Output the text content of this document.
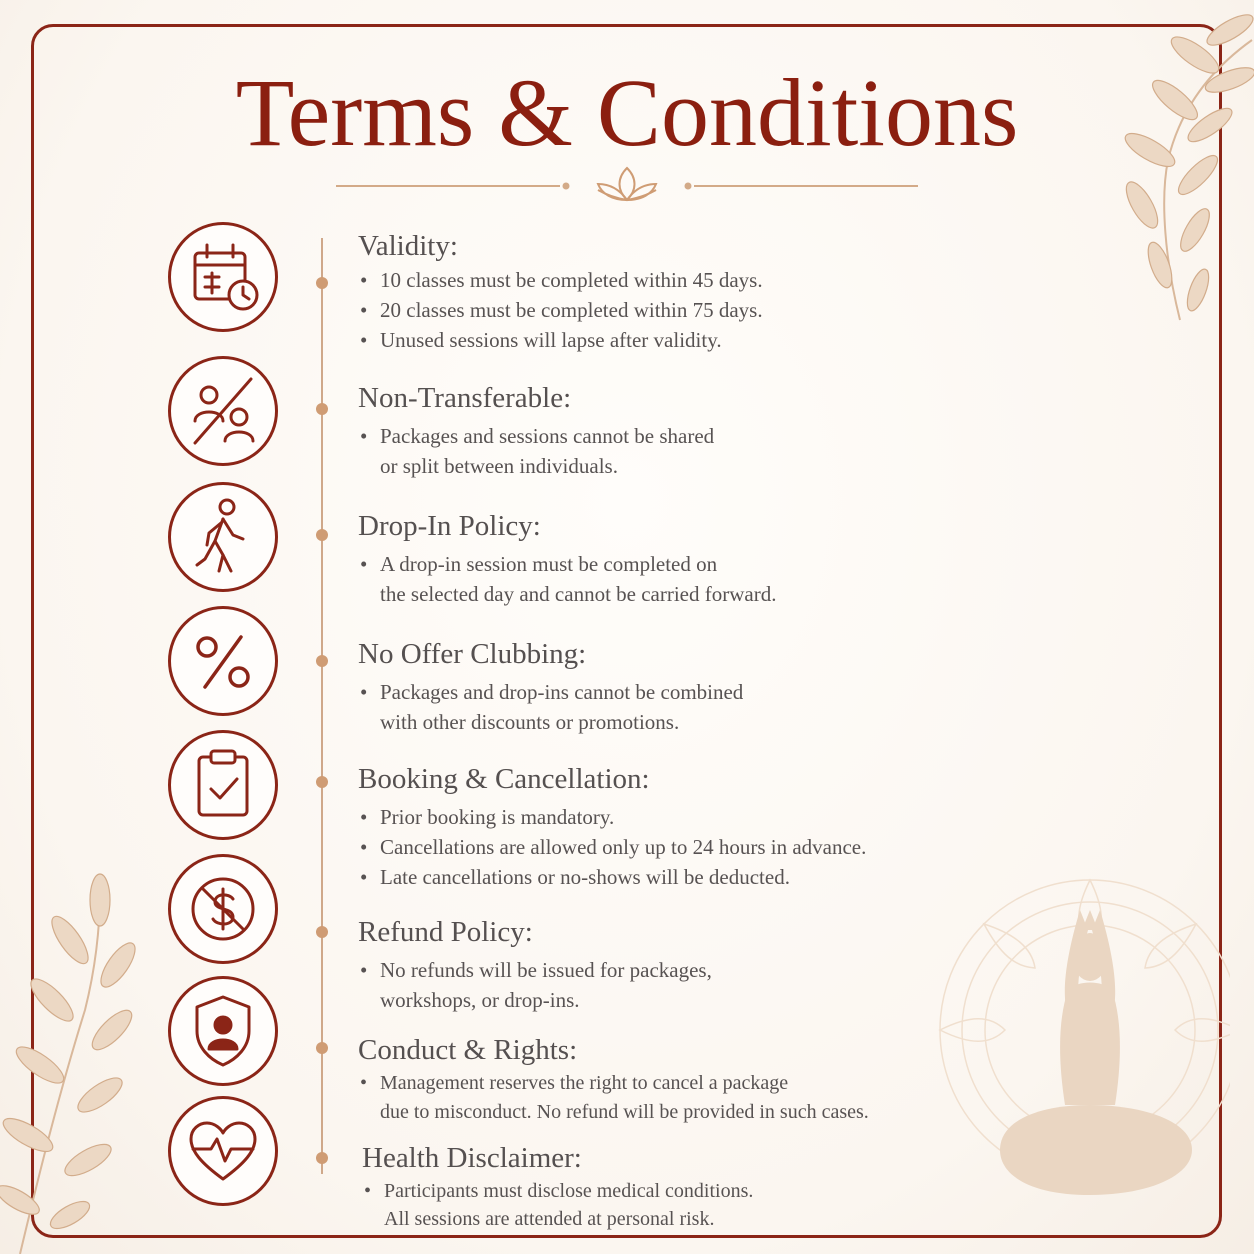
Terms & Conditions
Validity:
• 10 classes must be completed within 45 days.
• 20 classes must be completed within 75 days.
• Unused sessions will lapse after validity.
Non-Transferable:
• Packages and sessions cannot be shared
or split between individuals.
Drop-In Policy:
• A drop-in session must be completed on
the selected day and cannot be carried forward.
No Offer Clubbing:
• Packages and drop-ins cannot be combined
with other discounts or promotions.
Booking & Cancellation:
• Prior booking is mandatory.
• Cancellations are allowed only up to 24 hours in advance.
• Late cancellations or no-shows will be deducted.
Refund Policy:
• No refunds will be issued for packages,
workshops, or drop-ins.
Conduct & Rights:
• Management reserves the right to cancel a package
due to misconduct. No refund will be provided in such cases.
Health Disclaimer:
• Participants must disclose medical conditions.
All sessions are attended at personal risk.
